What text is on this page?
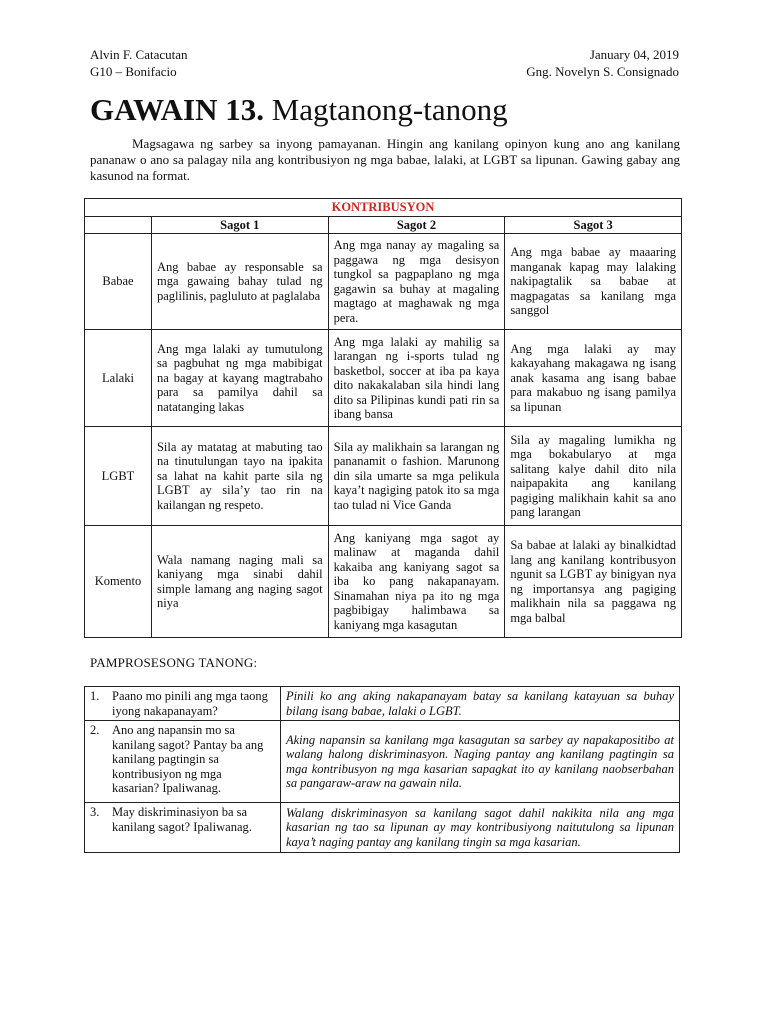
Alvin F. Catacutan
G10 – Bonifacio
January 04, 2019
Gng. Novelyn S. Consignado
GAWAIN 13. Magtanong-tanong
Magsagawa ng sarbey sa inyong pamayanan. Hingin ang kanilang opinyon kung ano ang kanilang pananaw o ano sa palagay nila ang kontribusiyon ng mga babae, lalaki, at LGBT sa lipunan. Gawing gabay ang kasunod na format.
KONTRIBUSYON			
	Sagot 1	Sagot 2	Sagot 3
Babae	Ang babae ay responsable sa mga gawaing bahay tulad ng paglilinis, pagluluto at paglalaba	Ang mga nanay ay magaling sa paggawa ng mga desisyon tungkol sa pagpaplano ng mga gagawin sa buhay at magaling magtago at maghawak ng mga pera.	Ang mga babae ay maaaring manganak kapag may lalaking nakipagtalik sa babae at magpagatas sa kanilang mga sanggol
Lalaki	Ang mga lalaki ay tumutulong sa pagbuhat ng mga mabibigat na bagay at kayang magtrabaho para sa pamilya dahil sa natatanging lakas	Ang mga lalaki ay mahilig sa larangan ng i-sports tulad ng basketbol, soccer at iba pa kaya dito nakakalaban sila hindi lang dito sa Pilipinas kundi pati rin sa ibang bansa	Ang mga lalaki ay may kakayahang makagawa ng isang anak kasama ang isang babae para makabuo ng isang pamilya sa lipunan
LGBT	Sila ay matatag at mabuting tao na tinutulungan tayo na ipakita sa lahat na kahit parte sila ng LGBT ay sila’y tao rin na kailangan ng respeto.	Sila ay malikhain sa larangan ng pananamit o fashion. Marunong din sila umarte sa mga pelikula kaya’t nagiging patok ito sa mga tao tulad ni Vice Ganda	Sila ay magaling lumikha ng mga bokabularyo at mga salitang kalye dahil dito nila naipapakita ang kanilang pagiging malikhain kahit sa ano pang larangan
Komento	Wala namang naging mali sa kaniyang mga sinabi dahil simple lamang ang naging sagot niya	Ang kaniyang mga sagot ay malinaw at maganda dahil kakaiba ang kaniyang sagot sa iba ko pang nakapanayam. Sinamahan niya pa ito ng mga pagbibigay halimbawa sa kaniyang mga kasagutan	Sa babae at lalaki ay binalkidtad lang ang kanilang kontribusyon ngunit sa LGBT ay binigyan nya ng importansya ang pagiging malikhain nila sa paggawa ng mga balbal
PAMPROSESONG TANONG:
1. Paano mo pinili ang mga taong iyong nakapanayam?	Pinili ko ang aking nakapanayam batay sa kanilang katayuan sa buhay bilang isang babae, lalaki o LGBT.
2. Ano ang napansin mo sa kanilang sagot? Pantay ba ang kanilang pagtingin sa kontribusiyon ng mga kasarian? Ipaliwanag.	Aking napansin sa kanilang mga kasagutan sa sarbey ay napakapositibo at walang halong diskriminasyon. Naging pantay ang kanilang pagtingin sa mga kontribusyon ng mga kasarian sapagkat ito ay kanilang naobserbahan sa pangaraw-araw na gawain nila.
3. May diskriminasiyon ba sa kanilang sagot? Ipaliwanag.	Walang diskriminasyon sa kanilang sagot dahil nakikita nila ang mga kasarian ng tao sa lipunan ay may kontribusiyong naitutulong sa lipunan kaya’t naging pantay ang kanilang tingin sa mga kasarian.
